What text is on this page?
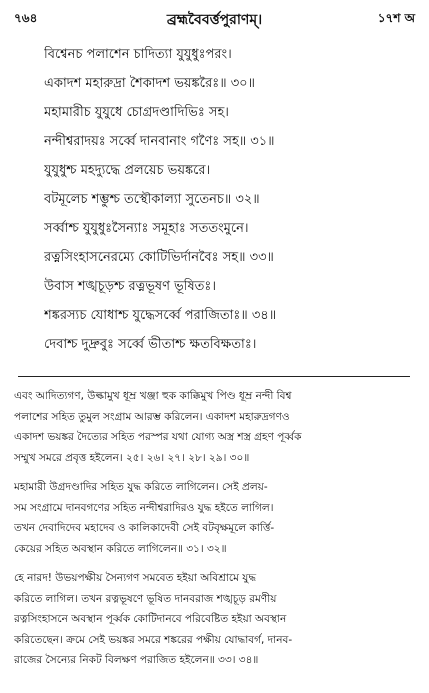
৭৬৪	ব্রহ্মবৈবর্ত্তপুরাণম্।	১৭শ অ
বিশ্বেনচ পলাশেন চাদিত্যা যুযুধুঃপরং।
একাদশ মহারুদ্রা শৈকাদশ ভয়ঙ্করৈঃ॥ ৩০॥
মহামারীচ যুযুধে চোগ্রদণ্ডাদিভিঃ সহ।
নন্দীশ্বরাদয়ঃ সর্ব্বে দানবানাং গণৈঃ সহ॥ ৩১॥
যুযুধুশ্চ মহদ্যুদ্ধে প্রলয়েচ ভয়ঙ্করে।
বটমূলেচ শম্ভুশ্চ তস্থৌকাল্যা সুতেনচ॥ ৩২॥
সর্ব্বাশ্চ যুযুধুঃসৈন্যাঃ সমূহাঃ সততংমুনে।
রত্নসিংহাসনেরম্যে কোটিভির্দানবৈঃ সহ॥ ৩৩॥
উবাস শঙ্খচূড়শ্চ রত্নভূষণ ভূষিতঃ।
শঙ্করস্যচ যোধাশ্চ যুদ্ধেসর্ব্বে পরাজিতাঃ॥ ৩৪॥
দেবাশ্চ দুদ্রুবুঃ সর্ব্বে ভীতাশ্চ ক্ষতবিক্ষতাঃ।
এবং আদিত্যগণ, উল্কামুখ ধূম্র খঞ্জা হুক কাক্কিমুখ পিণ্ড ধূম্র নন্দী বিশ্ব
পলাশের সহিত তুমুল সংগ্রাম আরম্ভ করিলেন। একাদশ মহারুদ্রগণও
একাদশ ভয়ঙ্কর দৈত্যের সহিত পরস্পর যথা যোগ্য অস্ত্র শস্ত্র গ্রহণ পূর্ব্বক
সম্মুখ সমরে প্রবৃত্ত হইলেন। ২৫। ২৬। ২৭। ২৮। ২৯। ৩০॥
মহামারী উগ্রদণ্ডাদির সহিত যুদ্ধ করিতে লাগিলেন। সেই প্রলয়-
সম সংগ্রামে দানবগণের সহিত নন্দীশ্বরাদিরও যুদ্ধ হইতে লাগিল।
তখন দেবাদিদেব মহাদেব ও কালিকাদেবী সেই বটবৃক্ষমূলে কার্ত্তি-
কেয়ের সহিত অবস্থান করিতে লাগিলেন॥ ৩১। ৩২॥
হে নারদ! উভয়পক্ষীয় সৈন্যগণ সমবেত হইয়া অবিশ্রামে যুদ্ধ
করিতে লাগিল। তখন রত্নভূষণে ভূষিত দানবরাজ শঙ্খচূড় রমণীয়
রত্নসিংহাসনে অবস্থান পূর্ব্বক কোটিদানবে পরিবেষ্টিত হইয়া অবস্থান
করিতেছেন। ক্রমে সেই ভয়ঙ্কর সমরে শঙ্করের পক্ষীয় যোদ্ধাবর্গ, দানব-
রাজের সৈন্যের নিকট বিলক্ষণ পরাজিত হইলেন॥ ৩৩। ৩৪॥
